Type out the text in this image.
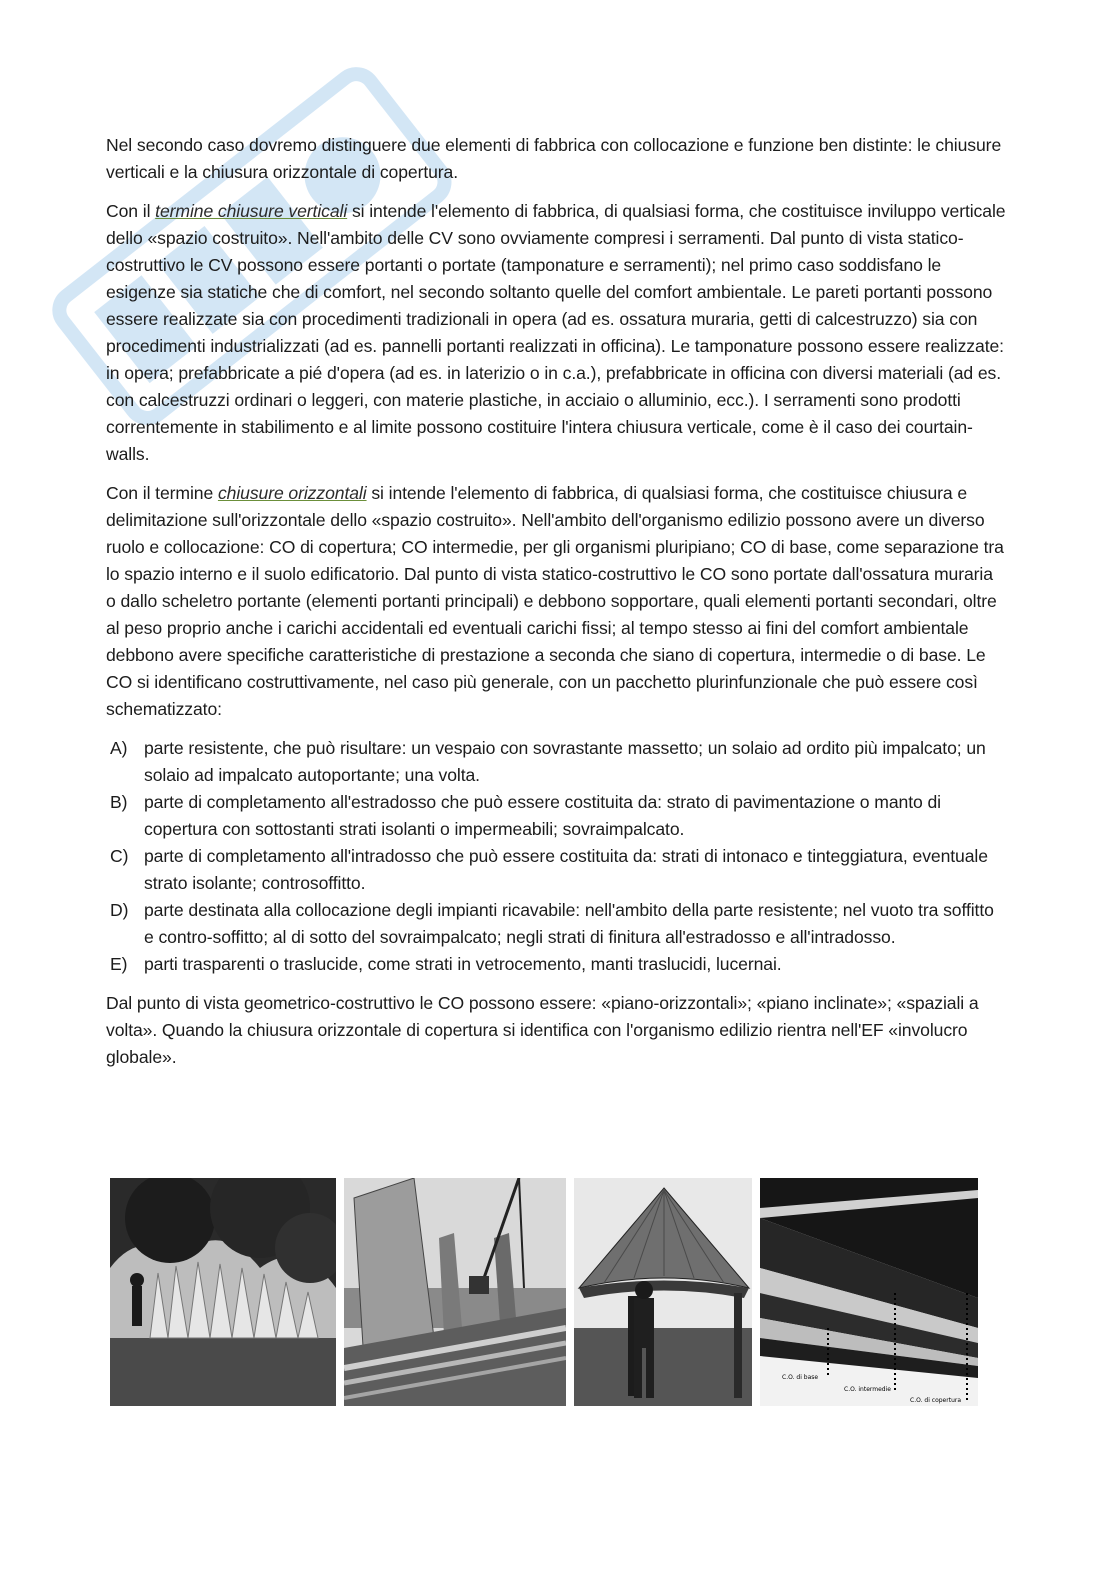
Nel secondo caso dovremo distinguere due elementi di fabbrica con collocazione e funzione ben distinte: le chiusure verticali e la chiusura orizzontale di copertura.

Con il termine chiusure verticali si intende l'elemento di fabbrica, di qualsiasi forma, che costituisce inviluppo verticale dello «spazio costruito». Nell'ambito delle CV sono ovviamente compresi i serramenti. Dal punto di vista statico-costruttivo le CV possono essere portanti o portate (tamponature e serramenti); nel primo caso soddisfano le esigenze sia statiche che di comfort, nel secondo soltanto quelle del comfort ambientale. Le pareti portanti possono essere realizzate sia con procedimenti tradizionali in opera (ad es. ossatura muraria, getti di calcestruzzo) sia con procedimenti industrializzati (ad es. pannelli portanti realizzati in officina). Le tamponature possono essere realizzate: in opera; prefabbricate a pié d'opera (ad es. in laterizio o in c.a.), prefabbricate in officina con diversi materiali (ad es. con calcestruzzi ordinari o leggeri, con materie plastiche, in acciaio o alluminio, ecc.). I serramenti sono prodotti correntemente in stabilimento e al limite possono costituire l'intera chiusura verticale, come è il caso dei courtain-walls.

Con il termine chiusure orizzontali si intende l'elemento di fabbrica, di qualsiasi forma, che costituisce chiusura e delimitazione sull'orizzontale dello «spazio costruito». Nell'ambito dell'organismo edilizio possono avere un diverso ruolo e collocazione: CO di copertura; CO intermedie, per gli organismi pluripiano; CO di base, come separazione tra lo spazio interno e il suolo edificatorio. Dal punto di vista statico-costruttivo le CO sono portate dall'ossatura muraria o dallo scheletro portante (elementi portanti principali) e debbono sopportare, quali elementi portanti secondari, oltre al peso proprio anche i carichi accidentali ed eventuali carichi fissi; al tempo stesso ai fini del comfort ambientale debbono avere specifiche caratteristiche di prestazione a seconda che siano di copertura, intermedie o di base. Le CO si identificano costruttivamente, nel caso più generale, con un pacchetto plurinfunzionale che può essere così schematizzato:

A) parte resistente, che può risultare: un vespaio con sovrastante massetto; un solaio ad ordito più impalcato; un solaio ad impalcato autoportante; una volta.
B) parte di completamento all'estradosso che può essere costituita da: strato di pavimentazione o manto di copertura con sottostanti strati isolanti o impermeabili; sovraimpalcato.
C) parte di completamento all'intradosso che può essere costituita da: strati di intonaco e tinteggiatura, eventuale strato isolante; controsoffitto.
D) parte destinata alla collocazione degli impianti ricavabile: nell'ambito della parte resistente; nel vuoto tra soffitto e contro-soffitto; al di sotto del sovraimpalcato; negli strati di finitura all'estradosso e all'intradosso.
E) parti trasparenti o traslucide, come strati in vetrocemento, manti traslucidi, lucernai.

Dal punto di vista geometrico-costruttivo le CO possono essere: «piano-orizzontali»; «piano inclinate»; «spaziali a volta». Quando la chiusura orizzontale di copertura si identifica con l'organismo edilizio rientra nell'EF «involucro globale».

C.O. di base
C.O. intermedie
C.O. di copertura
